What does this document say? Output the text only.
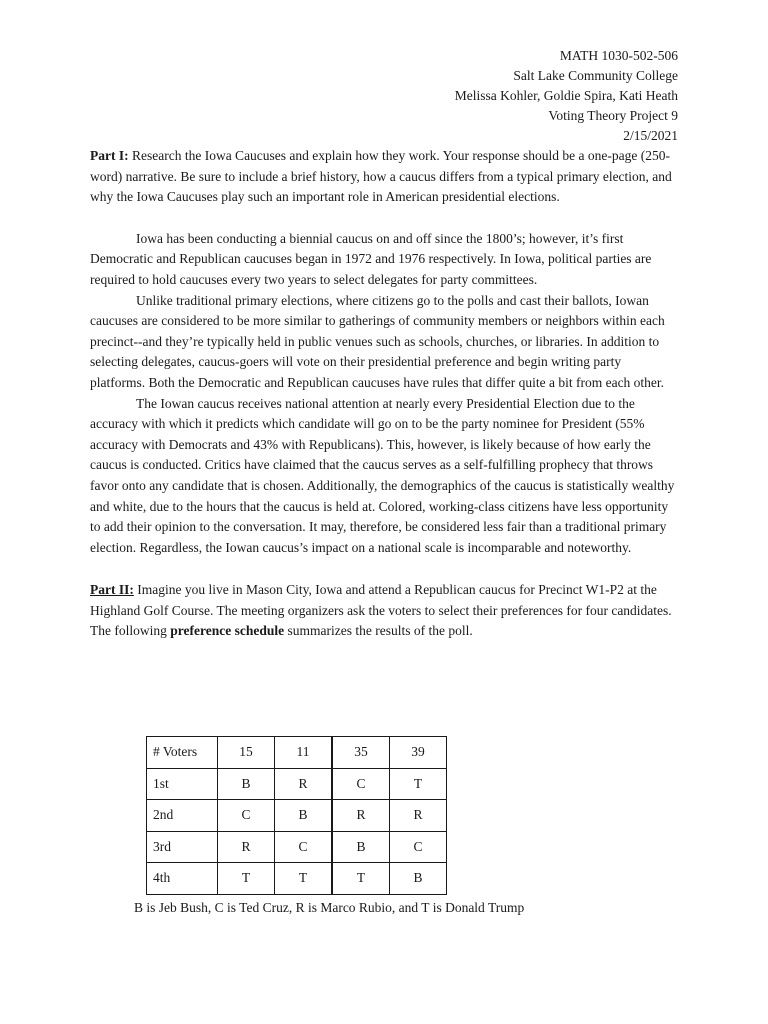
MATH 1030-502-506
Salt Lake Community College
Melissa Kohler, Goldie Spira, Kati Heath
Voting Theory Project 9
2/15/2021

Part I: Research the Iowa Caucuses and explain how they work. Your response should be a one-page (250-word) narrative. Be sure to include a brief history, how a caucus differs from a typical primary election, and why the Iowa Caucuses play such an important role in American presidential elections.

Iowa has been conducting a biennial caucus on and off since the 1800’s; however, it’s first Democratic and Republican caucuses began in 1972 and 1976 respectively. In Iowa, political parties are required to hold caucuses every two years to select delegates for party committees.

Unlike traditional primary elections, where citizens go to the polls and cast their ballots, Iowan caucuses are considered to be more similar to gatherings of community members or neighbors within each precinct--and they’re typically held in public venues such as schools, churches, or libraries. In addition to selecting delegates, caucus-goers will vote on their presidential preference and begin writing party platforms. Both the Democratic and Republican caucuses have rules that differ quite a bit from each other.

The Iowan caucus receives national attention at nearly every Presidential Election due to the accuracy with which it predicts which candidate will go on to be the party nominee for President (55% accuracy with Democrats and 43% with Republicans). This, however, is likely because of how early the caucus is conducted. Critics have claimed that the caucus serves as a self-fulfilling prophecy that throws favor onto any candidate that is chosen. Additionally, the demographics of the caucus is statistically wealthy and white, due to the hours that the caucus is held at. Colored, working-class citizens have less opportunity to add their opinion to the conversation. It may, therefore, be considered less fair than a traditional primary election. Regardless, the Iowan caucus’s impact on a national scale is incomparable and noteworthy.

Part II: Imagine you live in Mason City, Iowa and attend a Republican caucus for Precinct W1-P2 at the Highland Golf Course. The meeting organizers ask the voters to select their preferences for four candidates. The following preference schedule summarizes the results of the poll.

# Voters	15	11	35	39
1st	B	R	C	T
2nd	C	B	R	R
3rd	R	C	B	C
4th	T	T	T	B
B is Jeb Bush, C is Ted Cruz, R is Marco Rubio, and T is Donald Trump
